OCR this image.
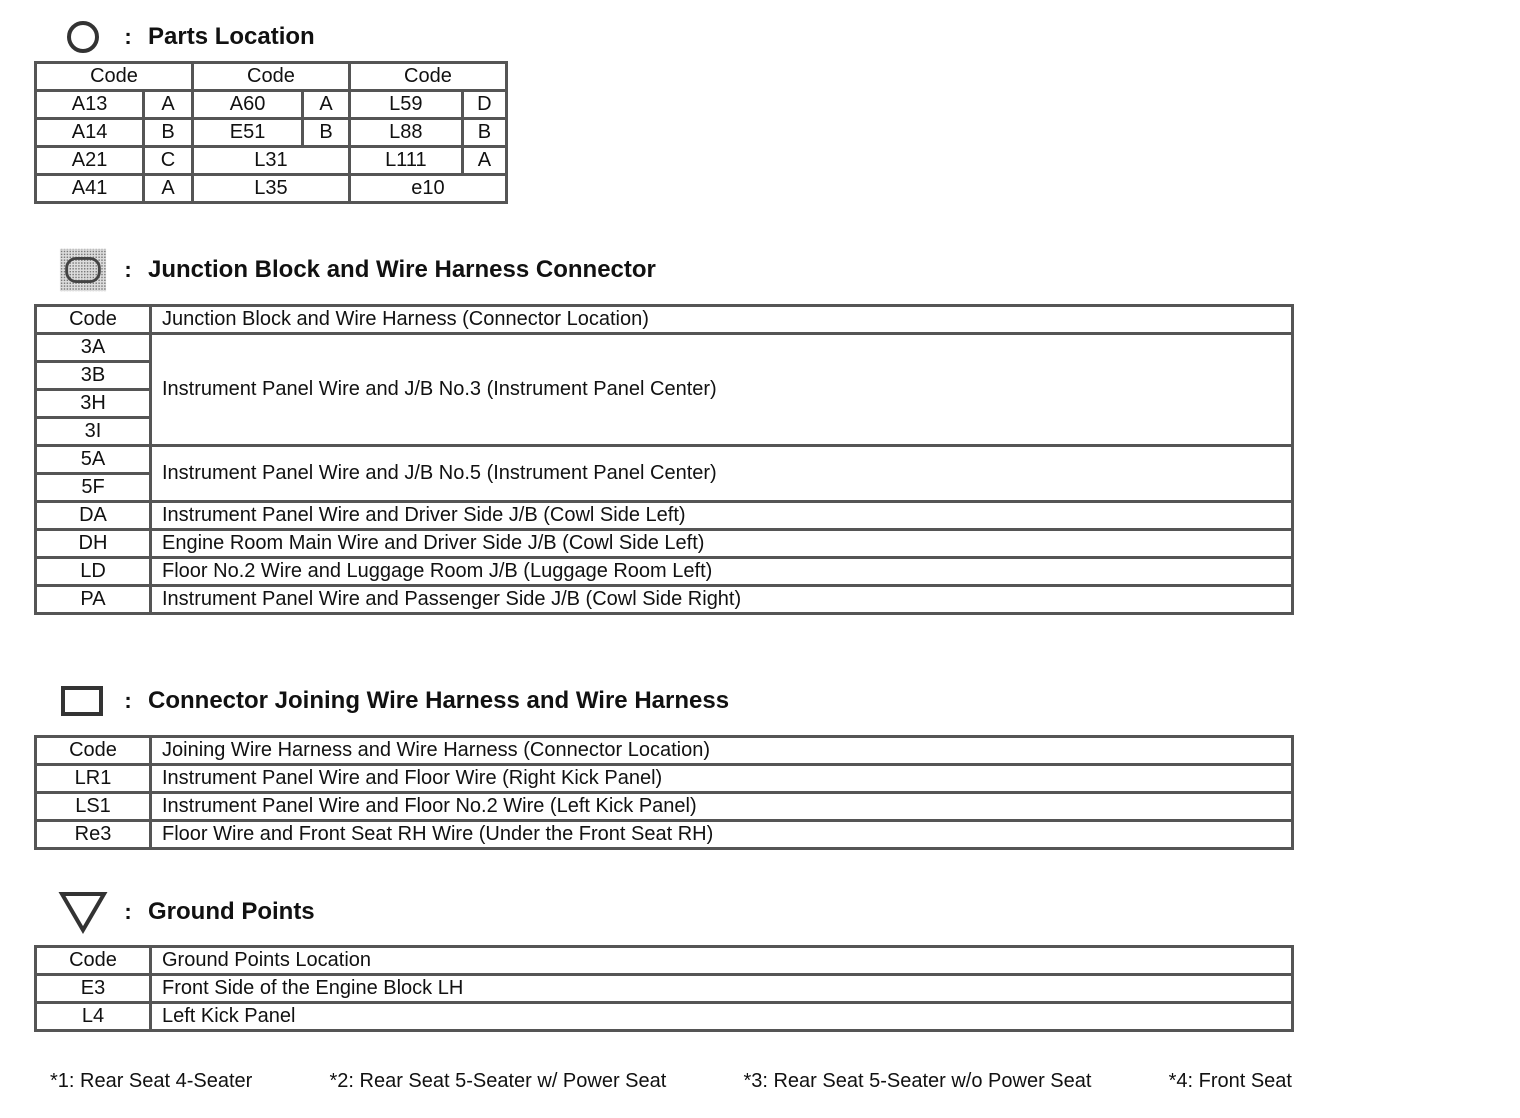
: Parts Location
Code		Code		Code	
A13	A	A60	A	L59	D
A14	B	E51	B	L88	B
A21	C	L31		L111	A
A41	A	L35		e10	
: Junction Block and Wire Harness Connector
Code	Junction Block and Wire Harness (Connector Location)
3A	Instrument Panel Wire and J/B No.3 (Instrument Panel Center)
3B	
3H	
3I	
5A	Instrument Panel Wire and J/B No.5 (Instrument Panel Center)
5F	
DA	Instrument Panel Wire and Driver Side J/B (Cowl Side Left)
DH	Engine Room Main Wire and Driver Side J/B (Cowl Side Left)
LD	Floor No.2 Wire and Luggage Room J/B (Luggage Room Left)
PA	Instrument Panel Wire and Passenger Side J/B (Cowl Side Right)
: Connector Joining Wire Harness and Wire Harness
Code	Joining Wire Harness and Wire Harness (Connector Location)
LR1	Instrument Panel Wire and Floor Wire (Right Kick Panel)
LS1	Instrument Panel Wire and Floor No.2 Wire (Left Kick Panel)
Re3	Floor Wire and Front Seat RH Wire (Under the Front Seat RH)
: Ground Points
Code	Ground Points Location
E3	Front Side of the Engine Block LH
L4	Left Kick Panel
*1: Rear Seat 4-Seater	*2: Rear Seat 5-Seater w/ Power Seat	*3: Rear Seat 5-Seater w/o Power Seat	*4: Front Seat
